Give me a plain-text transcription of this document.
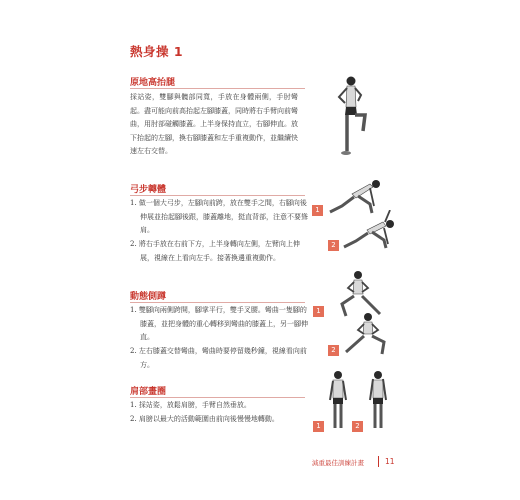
熱身操 1
原地高抬腿
採站姿，雙腳與髖部同寬，手放在身體兩側，手肘彎起。盡可能向前高抬起左腳膝蓋，同時將右手臂向前彎曲，用肘部碰觸膝蓋。上半身保持直立，右腳伸直。放下抬起的左腳，換右腳膝蓋和左手重複動作，並繼續快速左右交替。
弓步轉體
1. 做一個大弓步，左腳向前跨，放在雙手之間，右腳向後伸展並抬起腳後跟，膝蓋離地，挺直背部，注意不要聳肩。
2. 將右手放在右前下方，上半身轉向左側，左臂向上伸展，視線在上看向左手。接著換邊重複動作。
1
2
動態側蹲
1. 雙腳向兩側跨開，腳掌平行，雙手叉腰。彎曲一隻腳的膝蓋，並把身體的重心轉移到彎曲的膝蓋上，另一腳伸直。
2. 左右膝蓋交替彎曲，彎曲時要停留幾秒鐘，視線看向前方。
1
2
肩部畫圈
1. 採站姿，放鬆肩膀，手臂自然垂放。
2. 肩膀以最大的活動範圍由前向後慢慢地轉動。
1	2
減重最佳訓練計畫	11
